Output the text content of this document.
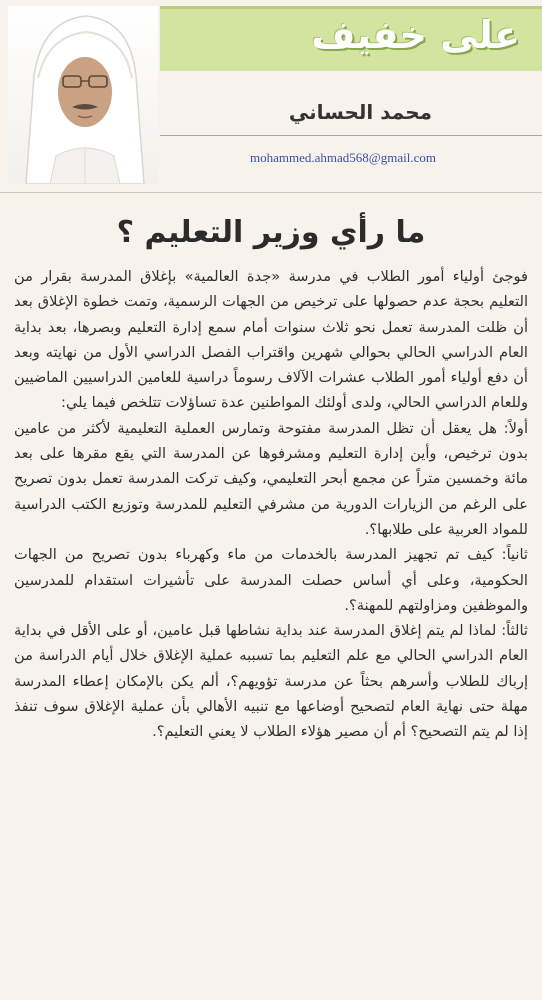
على خفيف
محمد الحساني
mohammed.ahmad568@gmail.com
ما رأي وزير التعليم ؟

فوجئ أولياء أمور الطلاب في مدرسة «جدة العالمية» بإغلاق المدرسة بقرار من التعليم بحجة عدم حصولها على ترخيص من الجهات الرسمية، وتمت خطوة الإغلاق بعد أن ظلت المدرسة تعمل نحو ثلاث سنوات أمام سمع إدارة التعليم وبصرها، بعد بداية العام الدراسي الحالي بحوالي شهرين واقتراب الفصل الدراسي الأول من نهايته وبعد أن دفع أولياء أمور الطلاب عشرات الآلاف رسوماً دراسية للعامين الدراسيين الماضيين وللعام الدراسي الحالي، ولدى أولئك المواطنين عدة تساؤلات تتلخص فيما يلي:

أولاً: هل يعقل أن تظل المدرسة مفتوحة وتمارس العملية التعليمية لأكثر من عامين بدون ترخيص، وأين إدارة التعليم ومشرفوها عن المدرسة التي يقع مقرها على بعد مائة وخمسين متراً عن مجمع أبحر التعليمي، وكيف تركت المدرسة تعمل بدون تصريح على الرغم من الزيارات الدورية من مشرفي التعليم للمدرسة وتوزيع الكتب الدراسية للمواد العربية على طلابها؟.

ثانياً: كيف تم تجهيز المدرسة بالخدمات من ماء وكهرباء بدون تصريح من الجهات الحكومية، وعلى أي أساس حصلت المدرسة على تأشيرات استقدام للمدرسين والموظفين ومزاولتهم للمهنة؟.

ثالثاً: لماذا لم يتم إغلاق المدرسة عند بداية نشاطها قبل عامين، أو على الأقل في بداية العام الدراسي الحالي مع علم التعليم بما تسببه عملية الإغلاق خلال أيام الدراسة من إرباك للطلاب وأسرهم بحثاً عن مدرسة تؤويهم؟، ألم يكن بالإمكان إعطاء المدرسة مهلة حتى نهاية العام لتصحيح أوضاعها مع تنبيه الأهالي بأن عملية الإغلاق سوف تنفذ إذا لم يتم التصحيح؟ أم أن مصير هؤلاء الطلاب لا يعني التعليم؟.
